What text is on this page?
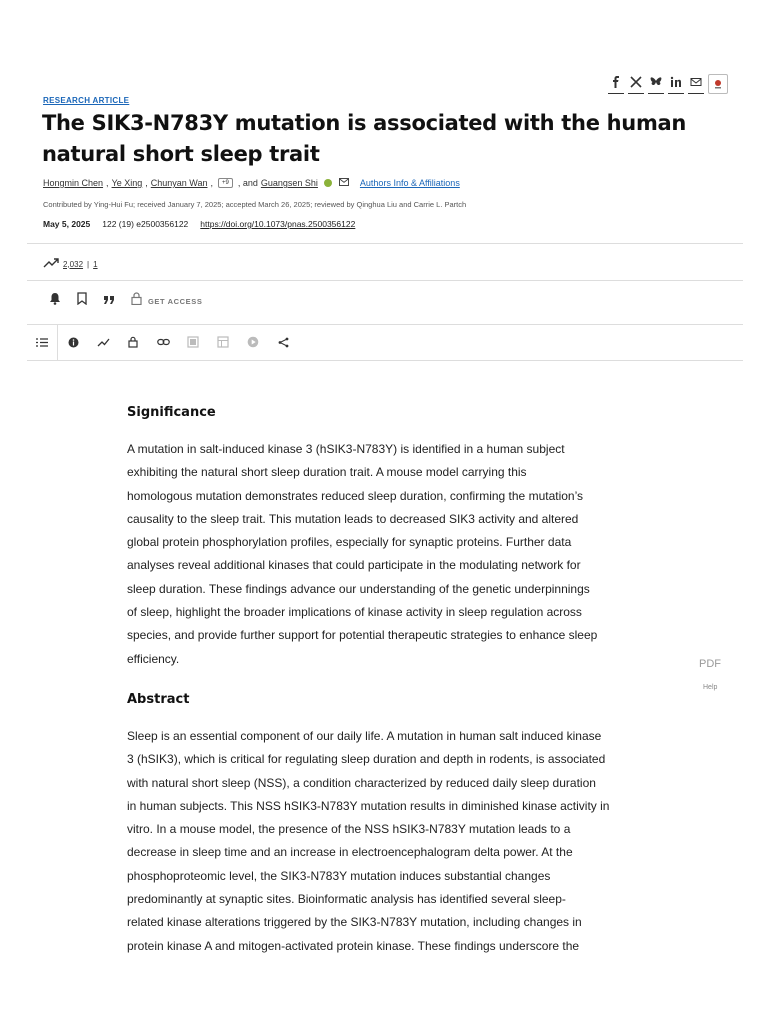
RESEARCH ARTICLE
The SIK3-N783Y mutation is associated with the human natural short sleep trait
Hongmin Chen , Ye Xing , Chunyan Wan ,	+9	, and Guangsen Shi	Authors Info & Affiliations
Contributed by Ying-Hui Fu; received January 7, 2025; accepted March 26, 2025; reviewed by Qinghua Liu and Carrie L. Partch
May 5, 2025 122 (19) e2500356122 https://doi.org/10.1073/pnas.2500356122
2,032 | 1
GET ACCESS
Significance

A mutation in salt-induced kinase 3 (hSIK3-N783Y) is identified in a human subject

exhibiting the natural short sleep duration trait. A mouse model carrying this

homologous mutation demonstrates reduced sleep duration, confirming the mutation’s

causality to the sleep trait. This mutation leads to decreased SIK3 activity and altered

global protein phosphorylation profiles, especially for synaptic proteins. Further data

analyses reveal additional kinases that could participate in the modulating network for

sleep duration. These findings advance our understanding of the genetic underpinnings

of sleep, highlight the broader implications of kinase activity in sleep regulation across

species, and provide further support for potential therapeutic strategies to enhance sleep

efficiency.

Abstract

Sleep is an essential component of our daily life. A mutation in human salt induced kinase

3 (hSIK3), which is critical for regulating sleep duration and depth in rodents, is associated

with natural short sleep (NSS), a condition characterized by reduced daily sleep duration

in human subjects. This NSS hSIK3-N783Y mutation results in diminished kinase activity in

vitro. In a mouse model, the presence of the NSS hSIK3-N783Y mutation leads to a

decrease in sleep time and an increase in electroencephalogram delta power. At the

phosphoproteomic level, the SIK3-N783Y mutation induces substantial changes

predominantly at synaptic sites. Bioinformatic analysis has identified several sleep-

related kinase alterations triggered by the SIK3-N783Y mutation, including changes in

protein kinase A and mitogen-activated protein kinase. These findings underscore the

PDF
Help
